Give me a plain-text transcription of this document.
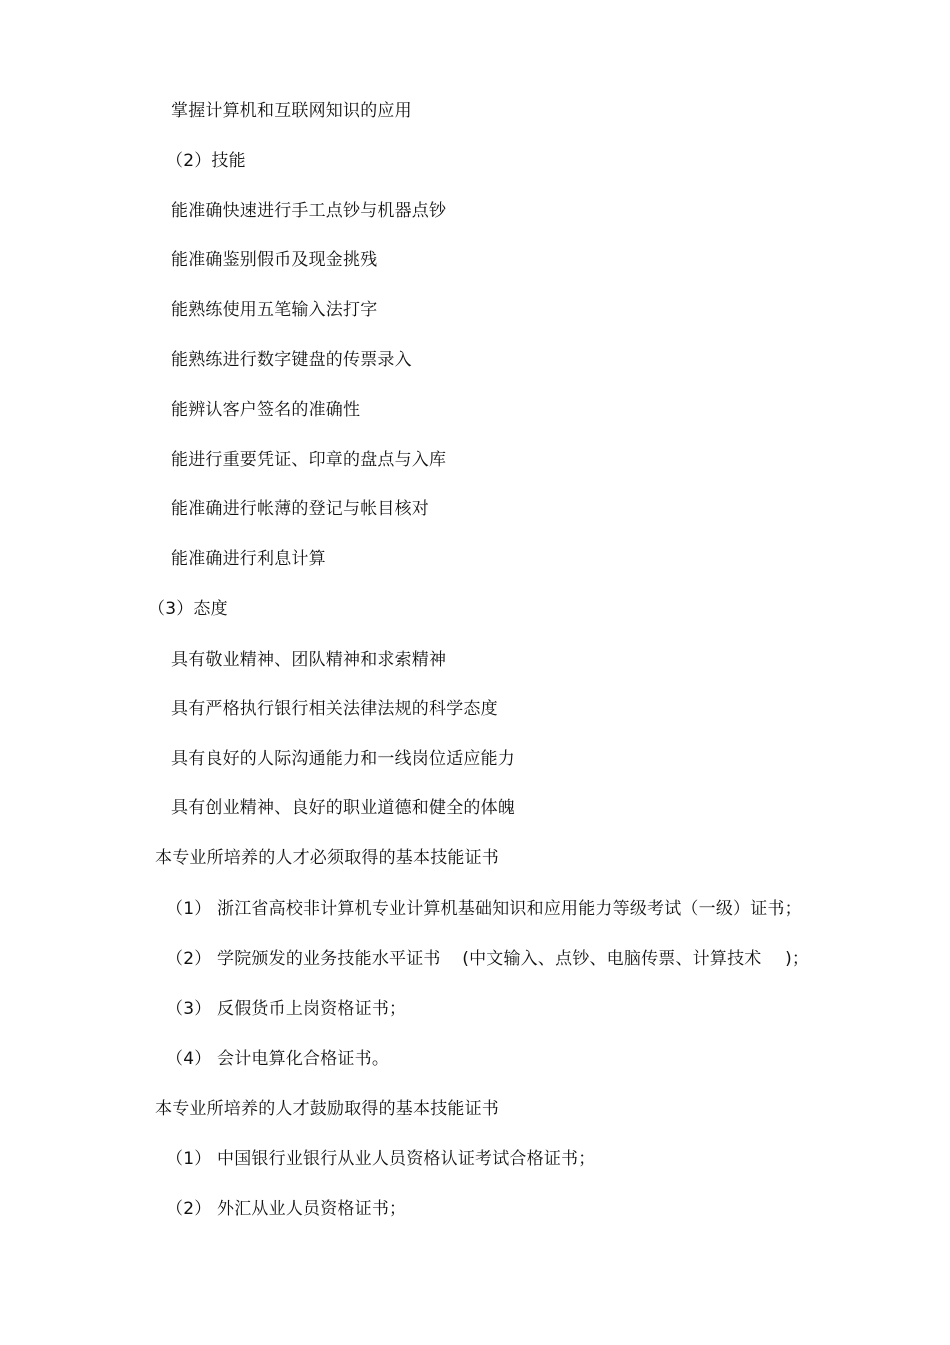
掌握计算机和互联网知识的应用
（2）技能
能准确快速进行手工点钞与机器点钞
能准确鉴别假币及现金挑残
能熟练使用五笔输入法打字
能熟练进行数字键盘的传票录入
能辨认客户签名的准确性
能进行重要凭证、印章的盘点与入库
能准确进行帐薄的登记与帐目核对
能准确进行利息计算
（3）态度
具有敬业精神、团队精神和求索精神
具有严格执行银行相关法律法规的科学态度
具有良好的人际沟通能力和一线岗位适应能力
具有创业精神、良好的职业道德和健全的体魄
本专业所培养的人才必须取得的基本技能证书
（1） 浙江省高校非计算机专业计算机基础知识和应用能力等级考试（一级）证书；
（2） 学院颁发的业务技能水平证书 (中文输入、点钞、电脑传票、计算技术 )；
（3） 反假货币上岗资格证书；
（4） 会计电算化合格证书。
本专业所培养的人才鼓励取得的基本技能证书
（1） 中国银行业银行从业人员资格认证考试合格证书；
（2） 外汇从业人员资格证书；
